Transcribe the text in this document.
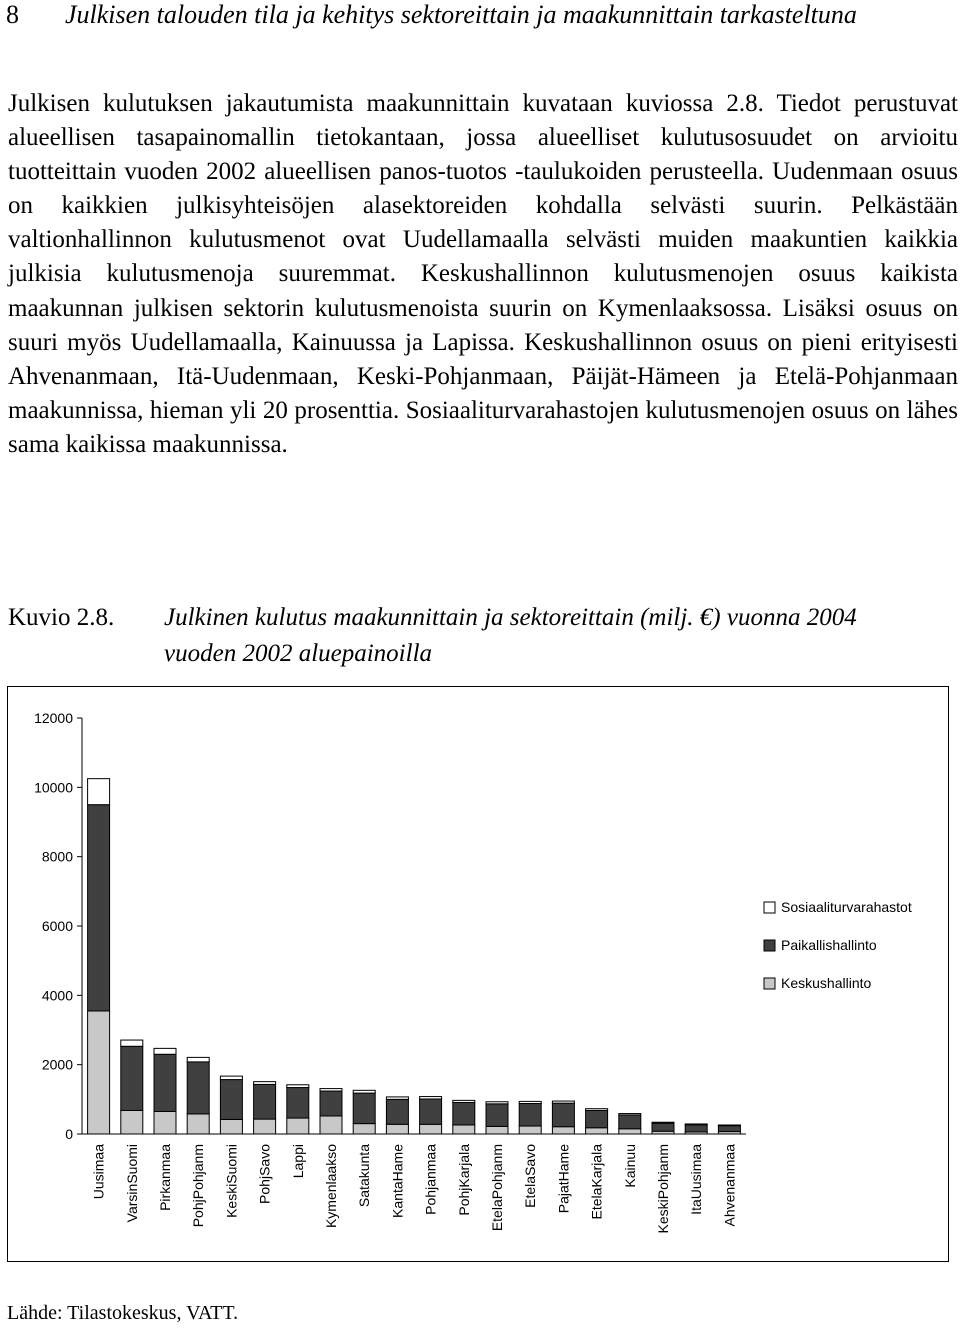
8 Julkisen talouden tila ja kehitys sektoreittain ja maakunnittain tarkasteltuna

Julkisen kulutuksen jakautumista maakunnittain kuvataan kuviossa 2.8. Tiedot perustuvat alueellisen tasapainomallin tietokantaan, jossa alueelliset kulutusosuudet on arvioitu tuotteittain vuoden 2002 alueellisen panos-tuotos -taulukoiden perusteella. Uudenmaan osuus on kaikkien julkisyhteisöjen alasektoreiden kohdalla selvästi suurin. Pelkästään valtionhallinnon kulutusmenot ovat Uudellamaalla selvästi muiden maakuntien kaikkia julkisia kulutusmenoja suuremmat. Keskushallinnon kulutusmenojen osuus kaikista maakunnan julkisen sektorin kulutusmenoista suurin on Kymenlaaksossa. Lisäksi osuus on suuri myös Uudellamaalla, Kainuussa ja Lapissa. Keskushallinnon osuus on pieni erityisesti Ahvenanmaan, Itä-Uudenmaan, Keski-Pohjanmaan, Päijät-Hämeen ja Etelä-Pohjanmaan maakunnissa, hieman yli 20 prosenttia. Sosiaaliturvarahastojen kulutusmenojen osuus on lähes sama kaikissa maakunnissa.

Kuvio 2.8. Julkinen kulutus maakunnittain ja sektoreittain (milj. €) vuonna 2004 vuoden 2002 aluepainoilla
12000
10000
8000
6000
4000
2000
0
Uusimaa VarsinSuomi Pirkanmaa PohjPohjanm KeskiSuomi PohjSavo Lappi Kymenlaakso Satakunta KantaHame Pohjanmaa PohjKarjala EtelaPohjanm EtelaSavo PajatHame EtelaKarjala Kainuu KeskiPohjanm ItaUusimaa Ahvenanmaa
Sosiaaliturvarahastot
Paikallishallinto
Keskushallinto
Lähde: Tilastokeskus, VATT.
